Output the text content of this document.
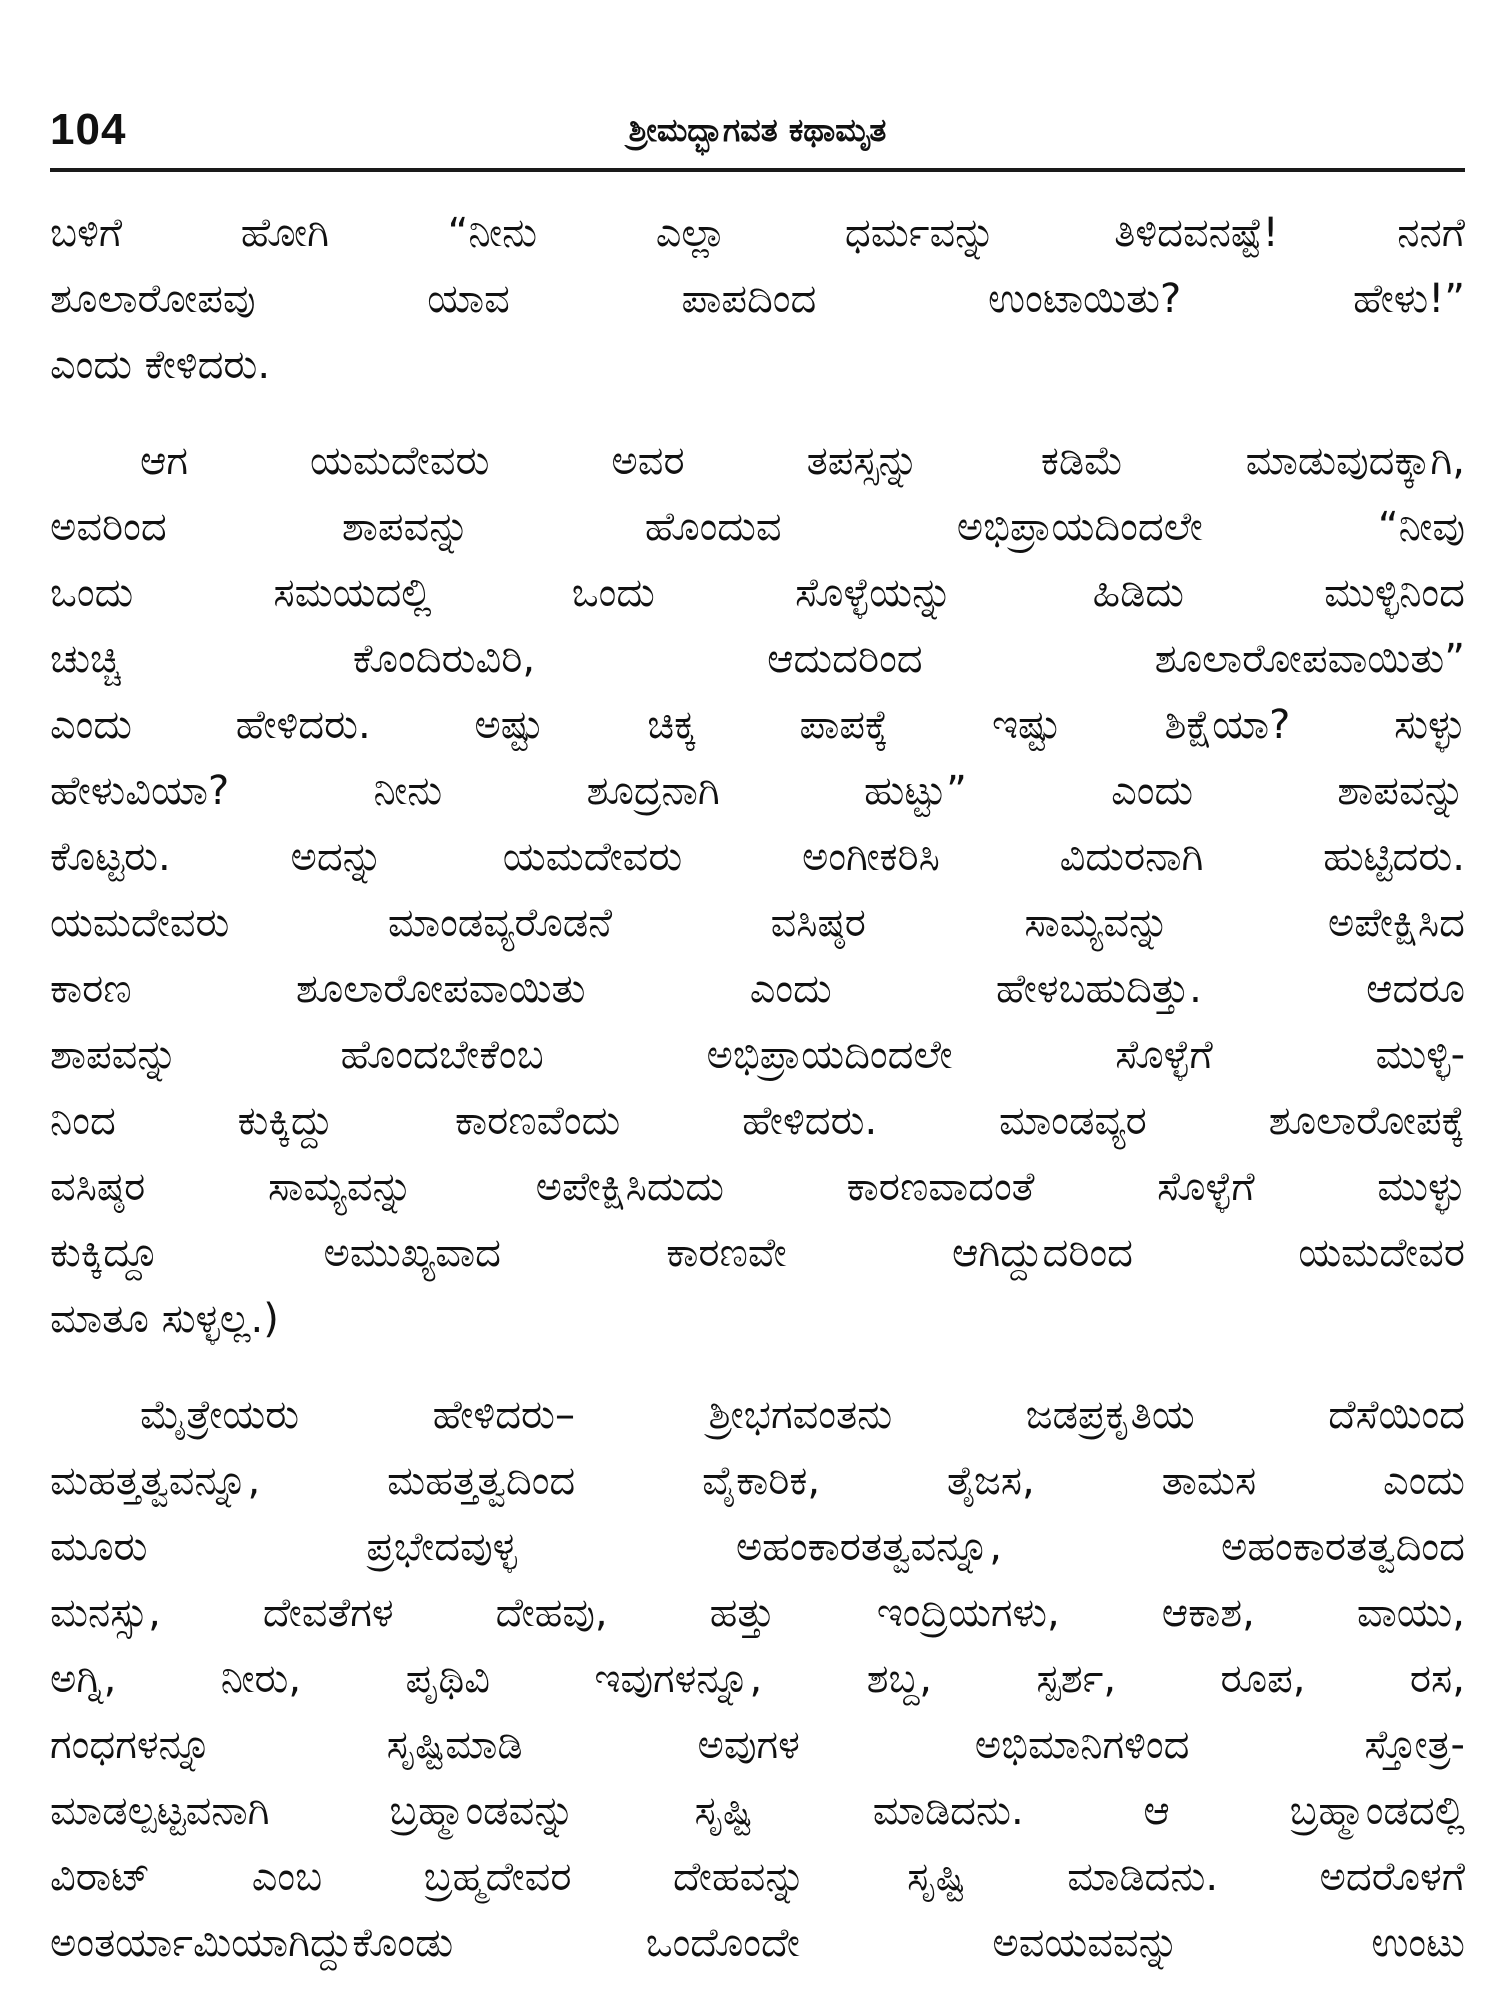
104	ಶ್ರೀಮದ್ಭಾಗವತ ಕಥಾಮೃತ

ಬಳಿಗೆ ಹೋಗಿ “ನೀನು ಎಲ್ಲಾ ಧರ್ಮವನ್ನು ತಿಳಿದವನಷ್ಟೆ! ನನಗೆ
ಶೂಲಾರೋಪವು ಯಾವ ಪಾಪದಿಂದ ಉಂಟಾಯಿತು? ಹೇಳು!”
ಎಂದು ಕೇಳಿದರು.

ಆಗ ಯಮದೇವರು ಅವರ ತಪಸ್ಸನ್ನು ಕಡಿಮೆ ಮಾಡುವುದಕ್ಕಾಗಿ,
ಅವರಿಂದ ಶಾಪವನ್ನು ಹೊಂದುವ ಅಭಿಪ್ರಾಯದಿಂದಲೇ “ನೀವು
ಒಂದು ಸಮಯದಲ್ಲಿ ಒಂದು ಸೊಳ್ಳೆಯನ್ನು ಹಿಡಿದು ಮುಳ್ಳಿನಿಂದ
ಚುಚ್ಚಿ ಕೊಂದಿರುವಿರಿ, ಆದುದರಿಂದ ಶೂಲಾರೋಪವಾಯಿತು”
ಎಂದು ಹೇಳಿದರು. ಅಷ್ಟು ಚಿಕ್ಕ ಪಾಪಕ್ಕೆ ಇಷ್ಟು ಶಿಕ್ಷೆಯಾ? ಸುಳ್ಳು
ಹೇಳುವಿಯಾ? ನೀನು ಶೂದ್ರನಾಗಿ ಹುಟ್ಟು” ಎಂದು ಶಾಪವನ್ನು
ಕೊಟ್ಟರು. ಅದನ್ನು ಯಮದೇವರು ಅಂಗೀಕರಿಸಿ ವಿದುರನಾಗಿ ಹುಟ್ಟಿದರು.
ಯಮದೇವರು ಮಾಂಡವ್ಯರೊಡನೆ ವಸಿಷ್ಠರ ಸಾಮ್ಯವನ್ನು ಅಪೇಕ್ಷಿಸಿದ
ಕಾರಣ ಶೂಲಾರೋಪವಾಯಿತು ಎಂದು ಹೇಳಬಹುದಿತ್ತು. ಆದರೂ
ಶಾಪವನ್ನು ಹೊಂದಬೇಕೆಂಬ ಅಭಿಪ್ರಾಯದಿಂದಲೇ ಸೊಳ್ಳೆಗೆ ಮುಳ್ಳಿ-
ನಿಂದ ಕುಕ್ಕಿದ್ದು ಕಾರಣವೆಂದು ಹೇಳಿದರು. ಮಾಂಡವ್ಯರ ಶೂಲಾರೋಪಕ್ಕೆ
ವಸಿಷ್ಠರ ಸಾಮ್ಯವನ್ನು ಅಪೇಕ್ಷಿಸಿದುದು ಕಾರಣವಾದಂತೆ ಸೊಳ್ಳೆಗೆ ಮುಳ್ಳು
ಕುಕ್ಕಿದ್ದೂ ಅಮುಖ್ಯವಾದ ಕಾರಣವೇ ಆಗಿದ್ದುದರಿಂದ ಯಮದೇವರ
ಮಾತೂ ಸುಳ್ಳಲ್ಲ.)

ಮೈತ್ರೇಯರು ಹೇಳಿದರು– ಶ್ರೀಭಗವಂತನು ಜಡಪ್ರಕೃತಿಯ ದೆಸೆಯಿಂದ
ಮಹತ್ತತ್ವವನ್ನೂ, ಮಹತ್ತತ್ವದಿಂದ ವೈಕಾರಿಕ, ತೈಜಸ, ತಾಮಸ ಎಂದು
ಮೂರು ಪ್ರಭೇದವುಳ್ಳ ಅಹಂಕಾರತತ್ವವನ್ನೂ, ಅಹಂಕಾರತತ್ವದಿಂದ
ಮನಸ್ಸು, ದೇವತೆಗಳ ದೇಹವು, ಹತ್ತು ಇಂದ್ರಿಯಗಳು, ಆಕಾಶ, ವಾಯು,
ಅಗ್ನಿ, ನೀರು, ಪೃಥಿವಿ ಇವುಗಳನ್ನೂ, ಶಬ್ದ, ಸ್ಪರ್ಶ, ರೂಪ, ರಸ,
ಗಂಧಗಳನ್ನೂ ಸೃಷ್ಟಿಮಾಡಿ ಅವುಗಳ ಅಭಿಮಾನಿಗಳಿಂದ ಸ್ತೋತ್ರ-
ಮಾಡಲ್ಪಟ್ಟವನಾಗಿ ಬ್ರಹ್ಮಾಂಡವನ್ನು ಸೃಷ್ಟಿ ಮಾಡಿದನು. ಆ ಬ್ರಹ್ಮಾಂಡದಲ್ಲಿ
ವಿರಾಟ್ ಎಂಬ ಬ್ರಹ್ಮದೇವರ ದೇಹವನ್ನು ಸೃಷ್ಟಿ ಮಾಡಿದನು. ಅದರೊಳಗೆ
ಅಂತರ್ಯಾಮಿಯಾಗಿದ್ದುಕೊಂಡು ಒಂದೊಂದೇ ಅವಯವವನ್ನು ಉಂಟು
